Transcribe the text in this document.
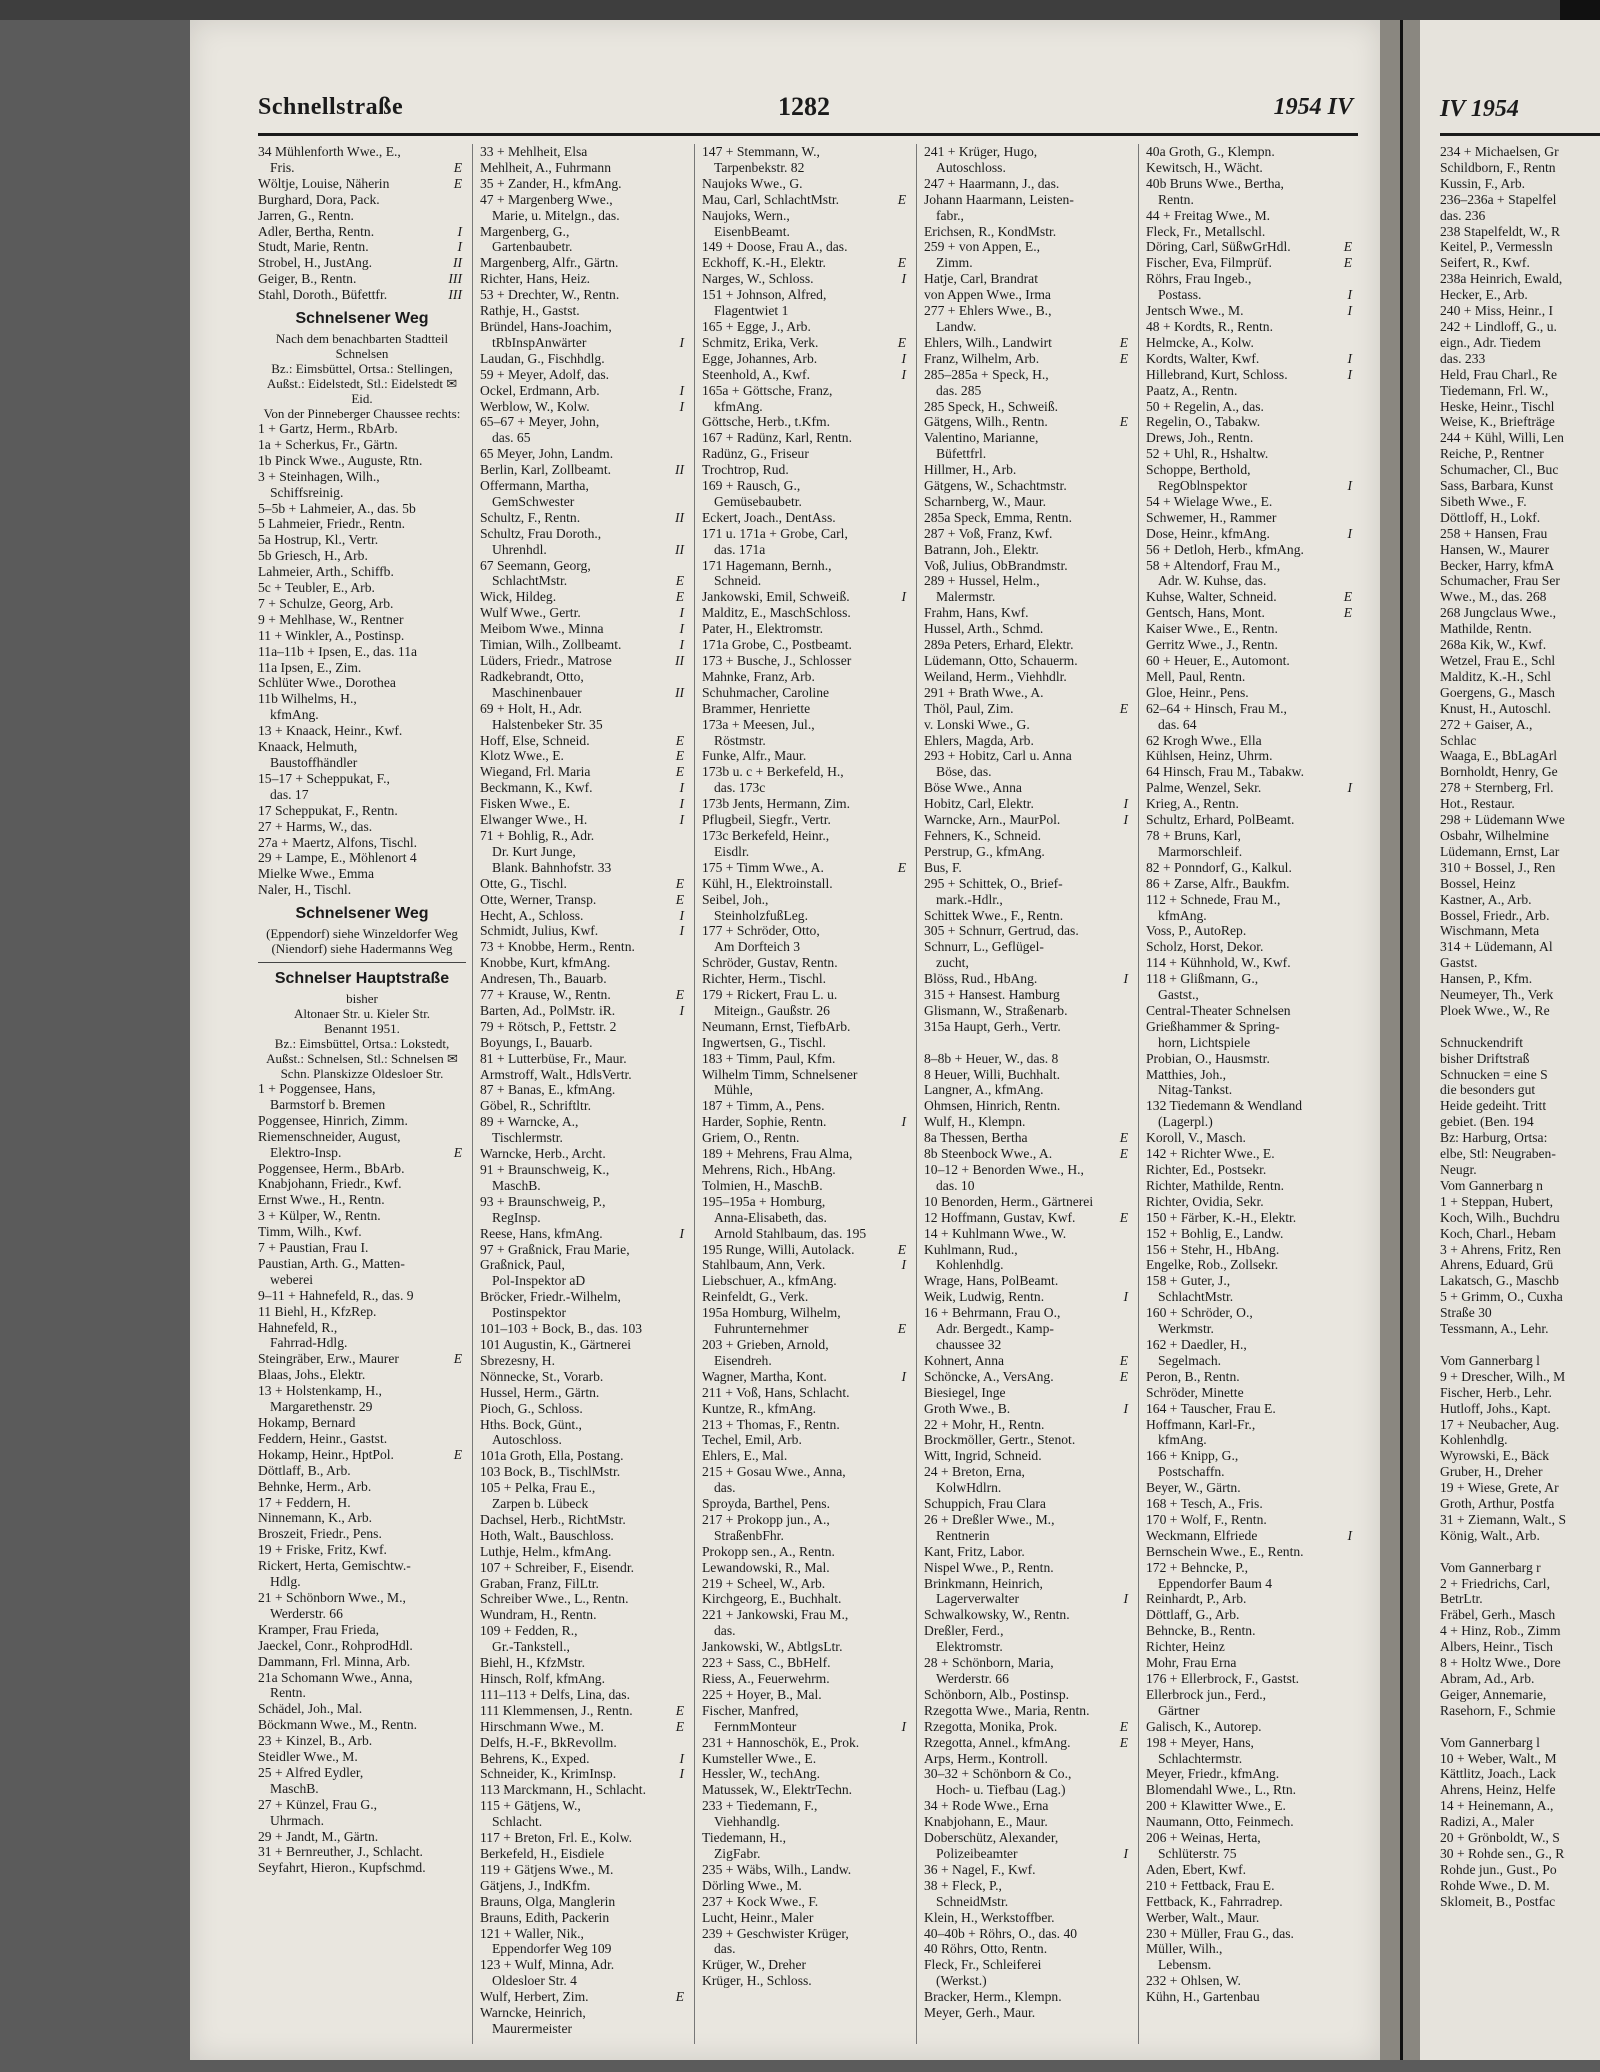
Schnellstraße	1282	1954 IV
34 Mühlenforth Wwe., E.,
E
Fris.
E
Wöltje, Louise, Näherin
Burghard, Dora, Pack.
Jarren, G., Rentn.
I
Adler, Bertha, Rentn.
I
Studt, Marie, Rentn.
II
Strobel, H., JustAng.
III
Geiger, B., Rentn.
III
Stahl, Doroth., Büfettfr.
Schnelsener Weg
Nach dem benachbarten Stadtteil Schnelsen
Bz.: Eimsbüttel, Ortsa.: Stellingen, Außst.: Eidelstedt, Stl.: Eidelstedt ✉ Eid.
Von der Pinneberger Chaussee rechts:
1 + Gartz, Herm., RbArb.
1a + Scherkus, Fr., Gärtn.
1b Pinck Wwe., Auguste, Rtn.
3 + Steinhagen, Wilh.,
Schiffsreinig.
5–5b + Lahmeier, A., das. 5b
5 Lahmeier, Friedr., Rentn.
5a Hostrup, Kl., Vertr.
5b Griesch, H., Arb.
Lahmeier, Arth., Schiffb.
5c + Teubler, E., Arb.
7 + Schulze, Georg, Arb.
9 + Mehlhase, W., Rentner
11 + Winkler, A., Postinsp.
11a–11b + Ipsen, E., das. 11a
11a Ipsen, E., Zim.
Schlüter Wwe., Dorothea
11b Wilhelms, H.,
kfmAng.
13 + Knaack, Heinr., Kwf.
Knaack, Helmuth,
Baustoffhändler
15–17 + Scheppukat, F.,
das. 17
17 Scheppukat, F., Rentn.
27 + Harms, W., das.
27a + Maertz, Alfons, Tischl.
29 + Lampe, E., Möhlenort 4
Mielke Wwe., Emma
Naler, H., Tischl.
Schnelsener Weg
(Eppendorf) siehe Winzeldorfer Weg
(Niendorf) siehe Hadermanns Weg
Schnelser Hauptstraße
bisher
Altonaer Str. u. Kieler Str.
Benannt 1951.
Bz.: Eimsbüttel, Ortsa.: Lokstedt, Außst.: Schnelsen, Stl.: Schnelsen ✉ Schn. Planskizze Oldesloer Str.
1 + Poggensee, Hans,
Barmstorf b. Bremen
Poggensee, Hinrich, Zimm.
Riemenschneider, August,
E
Elektro-Insp.
Poggensee, Herm., BbArb.
Knabjohann, Friedr., Kwf.
Ernst Wwe., H., Rentn.
3 + Külper, W., Rentn.
Timm, Wilh., Kwf.
7 + Paustian, Frau I.
Paustian, Arth. G., Matten-
weberei
9–11 + Hahnefeld, R., das. 9
11 Biehl, H., KfzRep.
Hahnefeld, R.,
Fahrrad-Hdlg.
E
Steingräber, Erw., Maurer
Blaas, Johs., Elektr.
13 + Holstenkamp, H.,
Margarethenstr. 29
Hokamp, Bernard
Feddern, Heinr., Gastst.
E
Hokamp, Heinr., HptPol.
Döttlaff, B., Arb.
Behnke, Herm., Arb.
17 + Feddern, H.
Ninnemann, K., Arb.
Broszeit, Friedr., Pens.
19 + Friske, Fritz, Kwf.
Rickert, Herta, Gemischtw.-
Hdlg.
21 + Schönborn Wwe., M.,
Werderstr. 66
Kramper, Frau Frieda,
Jaeckel, Conr., RohprodHdl.
Dammann, Frl. Minna, Arb.
21a Schomann Wwe., Anna,
Rentn.
Schädel, Joh., Mal.
Böckmann Wwe., M., Rentn.
23 + Kinzel, B., Arb.
Steidler Wwe., M.
25 + Alfred Eydler,
MaschB.
27 + Künzel, Frau G.,
Uhrmach.
29 + Jandt, M., Gärtn.
31 + Bernreuther, J., Schlacht.
Seyfahrt, Hieron., Kupfschmd.
33 + Mehlheit, Elsa
Mehlheit, A., Fuhrmann
35 + Zander, H., kfmAng.
47 + Margenberg Wwe.,
Marie, u. Mitelgn., das.
Margenberg, G.,
Gartenbaubetr.
Margenberg, Alfr., Gärtn.
Richter, Hans, Heiz.
53 + Drechter, W., Rentn.
Rathje, H., Gastst.
Bründel, Hans-Joachim,
I
tRbInspAnwärter
Laudan, G., Fischhdlg.
59 + Meyer, Adolf, das.
I
Ockel, Erdmann, Arb.
I
Werblow, W., Kolw.
65–67 + Meyer, John,
das. 65
65 Meyer, John, Landm.
II
Berlin, Karl, Zollbeamt.
Offermann, Martha,
GemSchwester
II
Schultz, F., Rentn.
Schultz, Frau Doroth.,
II
Uhrenhdl.
67 Seemann, Georg,
E
SchlachtMstr.
E
Wick, Hildeg.
I
Wulf Wwe., Gertr.
I
Meibom Wwe., Minna
I
Timian, Wilh., Zollbeamt.
II
Lüders, Friedr., Matrose
Radkebrandt, Otto,
II
Maschinenbauer
69 + Holt, H., Adr.
Halstenbeker Str. 35
E
Hoff, Else, Schneid.
E
Klotz Wwe., E.
E
Wiegand, Frl. Maria
I
Beckmann, K., Kwf.
I
Fisken Wwe., E.
I
Elwanger Wwe., H.
71 + Bohlig, R., Adr.
Dr. Kurt Junge,
Blank. Bahnhofstr. 33
E
Otte, G., Tischl.
E
Otte, Werner, Transp.
I
Hecht, A., Schloss.
I
Schmidt, Julius, Kwf.
73 + Knobbe, Herm., Rentn.
Knobbe, Kurt, kfmAng.
Andresen, Th., Bauarb.
E
77 + Krause, W., Rentn.
I
Barten, Ad., PolMstr. iR.
79 + Rötsch, P., Fettstr. 2
Boyungs, I., Bauarb.
81 + Lutterbüse, Fr., Maur.
Armstroff, Walt., HdlsVertr.
87 + Banas, E., kfmAng.
Göbel, R., Schriftltr.
89 + Warncke, A.,
Tischlermstr.
Warncke, Herb., Archt.
91 + Braunschweig, K.,
MaschB.
93 + Braunschweig, P.,
RegInsp.
I
Reese, Hans, kfmAng.
97 + Graßnick, Frau Marie,
Graßnick, Paul,
Pol-Inspektor aD
Bröcker, Friedr.-Wilhelm,
Postinspektor
101–103 + Bock, B., das. 103
101 Augustin, K., Gärtnerei
Sbrezesny, H.
Nönnecke, St., Vorarb.
Hussel, Herm., Gärtn.
Pioch, G., Schloss.
Hths. Bock, Günt.,
Autoschloss.
101a Groth, Ella, Postang.
103 Bock, B., TischlMstr.
105 + Pelka, Frau E.,
Zarpen b. Lübeck
Dachsel, Herb., RichtMstr.
Hoth, Walt., Bauschloss.
Luthje, Helm., kfmAng.
107 + Schreiber, F., Eisendr.
Graban, Franz, FilLtr.
Schreiber Wwe., L., Rentn.
Wundram, H., Rentn.
109 + Fedden, R.,
Gr.-Tankstell.,
Biehl, H., KfzMstr.
Hinsch, Rolf, kfmAng.
111–113 + Delfs, Lina, das.
E
111 Klemmensen, J., Rentn.
E
Hirschmann Wwe., M.
Delfs, H.-F., BkRevollm.
I
Behrens, K., Exped.
I
Schneider, K., KrimInsp.
113 Marckmann, H., Schlacht.
115 + Gätjens, W.,
Schlacht.
117 + Breton, Frl. E., Kolw.
Berkefeld, H., Eisdiele
119 + Gätjens Wwe., M.
Gätjens, J., IndKfm.
Brauns, Olga, Manglerin
Brauns, Edith, Packerin
121 + Waller, Nik.,
Eppendorfer Weg 109
123 + Wulf, Minna, Adr.
Oldesloer Str. 4
E
Wulf, Herbert, Zim.
Warncke, Heinrich,
Maurermeister
147 + Stemmann, W.,
Tarpenbekstr. 82
Naujoks Wwe., G.
E
Mau, Carl, SchlachtMstr.
Naujoks, Wern.,
EisenbBeamt.
149 + Doose, Frau A., das.
E
Eckhoff, K.-H., Elektr.
I
Narges, W., Schloss.
151 + Johnson, Alfred,
Flagentwiet 1
165 + Egge, J., Arb.
E
Schmitz, Erika, Verk.
I
Egge, Johannes, Arb.
I
Steenhold, A., Kwf.
165a + Göttsche, Franz,
kfmAng.
Göttsche, Herb., t.Kfm.
167 + Radünz, Karl, Rentn.
Radünz, G., Friseur
Trochtrop, Rud.
169 + Rausch, G.,
Gemüsebaubetr.
Eckert, Joach., DentAss.
171 u. 171a + Grobe, Carl,
das. 171a
171 Hagemann, Bernh.,
Schneid.
I
Jankowski, Emil, Schweiß.
Malditz, E., MaschSchloss.
Pater, H., Elektromstr.
171a Grobe, C., Postbeamt.
173 + Busche, J., Schlosser
Mahnke, Franz, Arb.
Schuhmacher, Caroline
Brammer, Henriette
173a + Meesen, Jul.,
Röstmstr.
Funke, Alfr., Maur.
173b u. c + Berkefeld, H.,
das. 173c
173b Jents, Hermann, Zim.
Pflugbeil, Siegfr., Vertr.
173c Berkefeld, Heinr.,
Eisdlr.
E
175 + Timm Wwe., A.
Kühl, H., Elektroinstall.
Seibel, Joh.,
SteinholzfußLeg.
177 + Schröder, Otto,
Am Dorfteich 3
Schröder, Gustav, Rentn.
Richter, Herm., Tischl.
179 + Rickert, Frau L. u.
Miteign., Gaußstr. 26
Neumann, Ernst, TiefbArb.
Ingwertsen, G., Tischl.
183 + Timm, Paul, Kfm.
Wilhelm Timm, Schnelsener
Mühle,
187 + Timm, A., Pens.
I
Harder, Sophie, Rentn.
Griem, O., Rentn.
189 + Mehrens, Frau Alma,
Mehrens, Rich., HbAng.
Tolmien, H., MaschB.
195–195a + Homburg,
Anna-Elisabeth, das.
Arnold Stahlbaum, das. 195
E
195 Runge, Willi, Autolack.
I
Stahlbaum, Ann, Verk.
Liebschuer, A., kfmAng.
Reinfeldt, G., Verk.
195a Homburg, Wilhelm,
E
Fuhrunternehmer
203 + Grieben, Arnold,
Eisendreh.
I
Wagner, Martha, Kont.
211 + Voß, Hans, Schlacht.
Kuntze, R., kfmAng.
213 + Thomas, F., Rentn.
Techel, Emil, Arb.
Ehlers, E., Mal.
215 + Gosau Wwe., Anna,
das.
Sproyda, Barthel, Pens.
217 + Prokopp jun., A.,
StraßenbFhr.
Prokopp sen., A., Rentn.
Lewandowski, R., Mal.
219 + Scheel, W., Arb.
Kirchgeorg, E., Buchhalt.
221 + Jankowski, Frau M.,
das.
Jankowski, W., AbtlgsLtr.
223 + Sass, C., BbHelf.
Riess, A., Feuerwehrm.
225 + Hoyer, B., Mal.
Fischer, Manfred,
I
FernmMonteur
231 + Hannoschök, E., Prok.
Kumsteller Wwe., E.
Hessler, W., techAng.
Matussek, W., ElektrTechn.
233 + Tiedemann, F.,
Viehhandlg.
Tiedemann, H.,
ZigFabr.
235 + Wäbs, Wilh., Landw.
Dörling Wwe., M.
237 + Kock Wwe., F.
Lucht, Heinr., Maler
239 + Geschwister Krüger,
das.
Krüger, W., Dreher
Krüger, H., Schloss.
241 + Krüger, Hugo,
Autoschloss.
247 + Haarmann, J., das.
Johann Haarmann, Leisten-
fabr.,
Erichsen, R., KondMstr.
259 + von Appen, E.,
Zimm.
Hatje, Carl, Brandrat
von Appen Wwe., Irma
277 + Ehlers Wwe., B.,
Landw.
E
Ehlers, Wilh., Landwirt
E
Franz, Wilhelm, Arb.
285–285a + Speck, H.,
das. 285
285 Speck, H., Schweiß.
E
Gätgens, Wilh., Rentn.
Valentino, Marianne,
Büfettfrl.
Hillmer, H., Arb.
Gätgens, W., Schachtmstr.
Scharnberg, W., Maur.
285a Speck, Emma, Rentn.
287 + Voß, Franz, Kwf.
Batrann, Joh., Elektr.
Voß, Julius, ObBrandmstr.
289 + Hussel, Helm.,
Malermstr.
Frahm, Hans, Kwf.
Hussel, Arth., Schmd.
289a Peters, Erhard, Elektr.
Lüdemann, Otto, Schauerm.
Weiland, Herm., Viehhdlr.
291 + Brath Wwe., A.
E
Thöl, Paul, Zim.
v. Lonski Wwe., G.
Ehlers, Magda, Arb.
293 + Hobitz, Carl u. Anna
Böse, das.
Böse Wwe., Anna
I
Hobitz, Carl, Elektr.
I
Warncke, Arn., MaurPol.
Fehners, K., Schneid.
Perstrup, G., kfmAng.
Bus, F.
295 + Schittek, O., Brief-
mark.-Hdlr.,
Schittek Wwe., F., Rentn.
305 + Schnurr, Gertrud, das.
Schnurr, L., Geflügel-
zucht,
I
Blöss, Rud., HbAng.
315 + Hansest. Hamburg
Glismann, W., Straßenarb.
315a Haupt, Gerh., Vertr.

8–8b + Heuer, W., das. 8
8 Heuer, Willi, Buchhalt.
Langner, A., kfmAng.
Ohmsen, Hinrich, Rentn.
Wulf, H., Klempn.
E
8a Thessen, Bertha
E
8b Steenbock Wwe., A.
10–12 + Benorden Wwe., H.,
das. 10
10 Benorden, Herm., Gärtnerei
E
12 Hoffmann, Gustav, Kwf.
14 + Kuhlmann Wwe., W.
Kuhlmann, Rud.,
Kohlenhdlg.
Wrage, Hans, PolBeamt.
I
Weik, Ludwig, Rentn.
16 + Behrmann, Frau O.,
Adr. Bergedt., Kamp-
chaussee 32
E
Kohnert, Anna
E
Schöncke, A., VersAng.
Biesiegel, Inge
I
Groth Wwe., B.
22 + Mohr, H., Rentn.
Brockmöller, Gertr., Stenot.
Witt, Ingrid, Schneid.
24 + Breton, Erna,
KolwHdlrn.
Schuppich, Frau Clara
26 + Dreßler Wwe., M.,
Rentnerin
Kant, Fritz, Labor.
Nispel Wwe., P., Rentn.
Brinkmann, Heinrich,
I
Lagerverwalter
Schwalkowsky, W., Rentn.
Dreßler, Ferd.,
Elektromstr.
28 + Schönborn, Maria,
Werderstr. 66
Schönborn, Alb., Postinsp.
Rzegotta Wwe., Maria, Rentn.
E
Rzegotta, Monika, Prok.
E
Rzegotta, Annel., kfmAng.
Arps, Herm., Kontroll.
30–32 + Schönborn & Co.,
Hoch- u. Tiefbau (Lag.)
34 + Rode Wwe., Erna
Knabjohann, E., Maur.
Doberschütz, Alexander,
I
Polizeibeamter
36 + Nagel, F., Kwf.
38 + Fleck, P.,
SchneidMstr.
Klein, H., Werkstoffber.
40–40b + Röhrs, O., das. 40
40 Röhrs, Otto, Rentn.
Fleck, Fr., Schleiferei
(Werkst.)
Bracker, Herm., Klempn.
Meyer, Gerh., Maur.
40a Groth, G., Klempn.
Kewitsch, H., Wächt.
40b Bruns Wwe., Bertha,
Rentn.
44 + Freitag Wwe., M.
Fleck, Fr., Metallschl.
E
Döring, Carl, SüßwGrHdl.
E
Fischer, Eva, Filmprüf.
Röhrs, Frau Ingeb.,
I
Postass.
I
Jentsch Wwe., M.
48 + Kordts, R., Rentn.
Helmcke, A., Kolw.
I
Kordts, Walter, Kwf.
I
Hillebrand, Kurt, Schloss.
Paatz, A., Rentn.
50 + Regelin, A., das.
Regelin, O., Tabakw.
Drews, Joh., Rentn.
52 + Uhl, R., Hshaltw.
Schoppe, Berthold,
I
RegOblnspektor
54 + Wielage Wwe., E.
Schwemer, H., Rammer
I
Dose, Heinr., kfmAng.
56 + Detloh, Herb., kfmAng.
58 + Altendorf, Frau M.,
Adr. W. Kuhse, das.
E
Kuhse, Walter, Schneid.
E
Gentsch, Hans, Mont.
Kaiser Wwe., E., Rentn.
Gerritz Wwe., J., Rentn.
60 + Heuer, E., Automont.
Mell, Paul, Rentn.
Gloe, Heinr., Pens.
62–64 + Hinsch, Frau M.,
das. 64
62 Krogh Wwe., Ella
Kühlsen, Heinz, Uhrm.
64 Hinsch, Frau M., Tabakw.
I
Palme, Wenzel, Sekr.
Krieg, A., Rentn.
Schultz, Erhard, PolBeamt.
78 + Bruns, Karl,
Marmorschleif.
82 + Ponndorf, G., Kalkul.
86 + Zarse, Alfr., Baukfm.
112 + Schnede, Frau M.,
kfmAng.
Voss, P., AutoRep.
Scholz, Horst, Dekor.
114 + Kühnhold, W., Kwf.
118 + Glißmann, G.,
Gastst.,
Central-Theater Schnelsen
Grießhammer & Spring-
horn, Lichtspiele
Probian, O., Hausmstr.
Matthies, Joh.,
Nitag-Tankst.
132 Tiedemann & Wendland
(Lagerpl.)
Koroll, V., Masch.
142 + Richter Wwe., E.
Richter, Ed., Postsekr.
Richter, Mathilde, Rentn.
Richter, Ovidia, Sekr.
150 + Färber, K.-H., Elektr.
152 + Bohlig, E., Landw.
156 + Stehr, H., HbAng.
Engelke, Rob., Zollsekr.
158 + Guter, J.,
SchlachtMstr.
160 + Schröder, O.,
Werkmstr.
162 + Daedler, H.,
Segelmach.
Peron, B., Rentn.
Schröder, Minette
164 + Tauscher, Frau E.
Hoffmann, Karl-Fr.,
kfmAng.
166 + Knipp, G.,
Postschaffn.
Beyer, W., Gärtn.
168 + Tesch, A., Fris.
170 + Wolf, F., Rentn.
I
Weckmann, Elfriede
Bernschein Wwe., E., Rentn.
172 + Behncke, P.,
Eppendorfer Baum 4
Reinhardt, P., Arb.
Döttlaff, G., Arb.
Behncke, B., Rentn.
Richter, Heinz
Mohr, Frau Erna
176 + Ellerbrock, F., Gastst.
Ellerbrock jun., Ferd.,
Gärtner
Galisch, K., Autorep.
198 + Meyer, Hans,
Schlachtermstr.
Meyer, Friedr., kfmAng.
Blomendahl Wwe., L., Rtn.
200 + Klawitter Wwe., E.
Naumann, Otto, Feinmech.
206 + Weinas, Herta,
Schlüterstr. 75
Aden, Ebert, Kwf.
210 + Fettback, Frau E.
Fettback, K., Fahrradrep.
Werber, Walt., Maur.
230 + Müller, Frau G., das.
Müller, Wilh.,
Lebensm.
232 + Ohlsen, W.
Kühn, H., Gartenbau
IV 1954
234 + Michaelsen, Gr
Schildborn, F., Rentn
Kussin, F., Arb.
236–236a + Stapelfel
das. 236
238 Stapelfeldt, W., R
Keitel, P., Vermessln
Seifert, R., Kwf.
238a Heinrich, Ewald,
Hecker, E., Arb.
240 + Miss, Heinr., I
242 + Lindloff, G., u.
eign., Adr. Tiedem
das. 233
Held, Frau Charl., Re
Tiedemann, Frl. W.,
Heske, Heinr., Tischl
Weise, K., Briefträge
244 + Kühl, Willi, Len
Reiche, P., Rentner
Schumacher, Cl., Buc
Sass, Barbara, Kunst
Sibeth Wwe., F.
Döttloff, H., Lokf.
258 + Hansen, Frau
Hansen, W., Maurer
Becker, Harry, kfmA
Schumacher, Frau Ser
Wwe., M., das. 268
268 Jungclaus Wwe.,
Mathilde, Rentn.
268a Kik, W., Kwf.
Wetzel, Frau E., Schl
Malditz, K.-H., Schl
Goergens, G., Masch
Knust, H., Autoschl.
272 + Gaiser, A.,
Schlac
Waaga, E., BbLagArl
Bornholdt, Henry, Ge
278 + Sternberg, Frl.
Hot., Restaur.
298 + Lüdemann Wwe
Osbahr, Wilhelmine
Lüdemann, Ernst, Lar
310 + Bossel, J., Ren
Bossel, Heinz
Kastner, A., Arb.
Bossel, Friedr., Arb.
Wischmann, Meta
314 + Lüdemann, Al
Gastst.
Hansen, P., Kfm.
Neumeyer, Th., Verk
Ploek Wwe., W., Re

Schnuckendrift
bisher Driftstraß
Schnucken = eine S
die besonders gut
Heide gedeiht. Tritt
gebiet. (Ben. 194
Bz: Harburg, Ortsa:
elbe, Stl: Neugraben-
Neugr.
Vom Gannerbarg n
1 + Steppan, Hubert,
Koch, Wilh., Buchdru
Koch, Charl., Hebam
3 + Ahrens, Fritz, Ren
Ahrens, Eduard, Grü
Lakatsch, G., Maschb
5 + Grimm, O., Cuxha
Straße 30
Tessmann, A., Lehr.

Vom Gannerbarg l
9 + Drescher, Wilh., M
Fischer, Herb., Lehr.
Hutloff, Johs., Kapt.
17 + Neubacher, Aug.
Kohlenhdlg.
Wyrowski, E., Bäck
Gruber, H., Dreher
19 + Wiese, Grete, Ar
Groth, Arthur, Postfa
31 + Ziemann, Walt., S
König, Walt., Arb.

Vom Gannerbarg r
2 + Friedrichs, Carl,
BetrLtr.
Fräbel, Gerh., Masch
4 + Hinz, Rob., Zimm
Albers, Heinr., Tisch
8 + Holtz Wwe., Dore
Abram, Ad., Arb.
Geiger, Annemarie,
Rasehorn, F., Schmie

Vom Gannerbarg l
10 + Weber, Walt., M
Kättlitz, Joach., Lack
Ahrens, Heinz, Helfe
14 + Heinemann, A.,
Radizi, A., Maler
20 + Grönboldt, W., S
30 + Rohde sen., G., R
Rohde jun., Gust., Po
Rohde Wwe., D. M.
Sklomeit, B., Postfac
